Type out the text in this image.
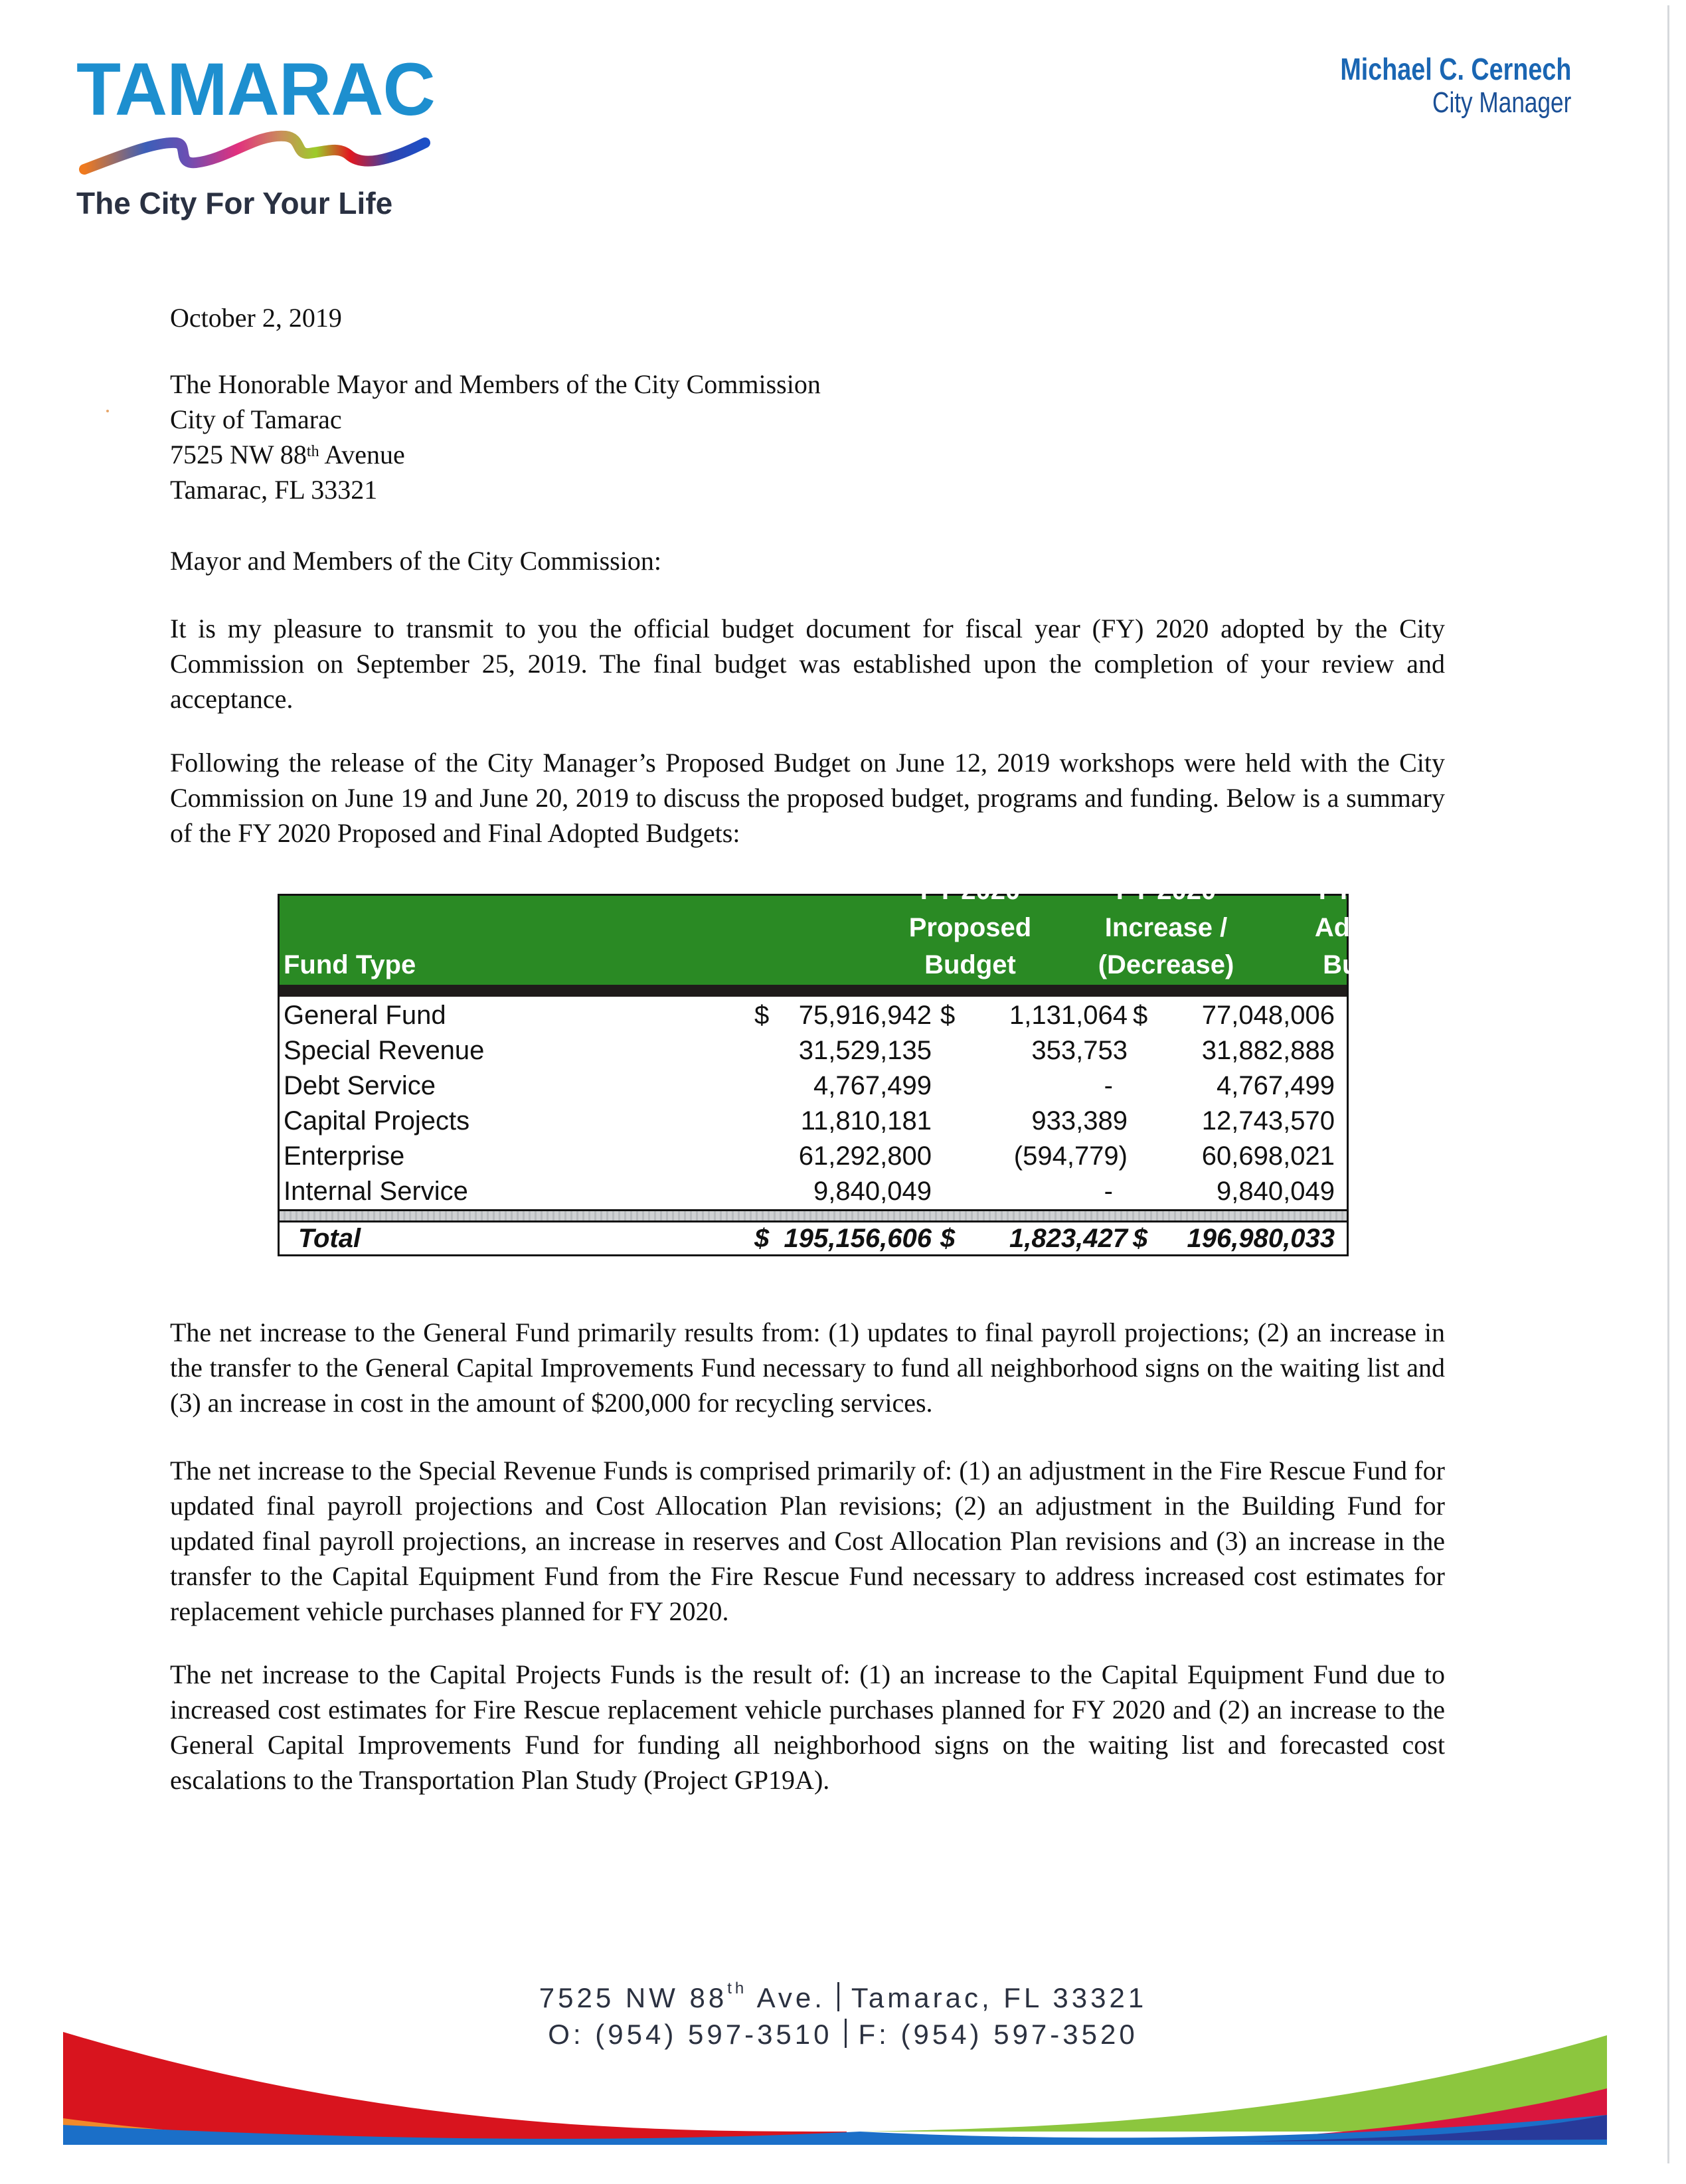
TAMARAC
The City For Your Life
Michael C. Cernech
City Manager
October 2, 2019

The Honorable Mayor and Members of the City Commission

City of Tamarac

7525 NW 88th Avenue

Tamarac, FL 33321

Mayor and Members of the City Commission:

It is my pleasure to transmit to you the official budget document for fiscal year (FY) 2020 adopted by the City Commission on September 25, 2019. The final budget was established upon the completion of your review and acceptance.

Following the release of the City Manager’s Proposed Budget on June 12, 2019 workshops were held with the City Commission on June 19 and June 20, 2019 to discuss the proposed budget, programs and funding. Below is a summary of the FY 2020 Proposed and Final Adopted Budgets:

Fund Type
FY 2020
Proposed
Budget
FY 2020
Increase /
(Decrease)
FY 2020
Adopted
Budget
General Fund	$ 75,916,942 $ 1,131,064 $ 77,048,006
Special Revenue	31,529,135	353,753	31,882,888
Debt Service	4,767,499	-	4,767,499
Capital Projects	11,810,181	933,389	12,743,570
Enterprise	61,292,800	(594,779)	60,698,021
Internal Service	9,840,049	-	9,840,049
Total	$ 195,156,606 $ 1,823,427 $ 196,980,033

The net increase to the General Fund primarily results from: (1) updates to final payroll projections; (2) an increase in the transfer to the General Capital Improvements Fund necessary to fund all neighborhood signs on the waiting list and (3) an increase in cost in the amount of $200,000 for recycling services.

The net increase to the Special Revenue Funds is comprised primarily of: (1) an adjustment in the Fire Rescue Fund for updated final payroll projections and Cost Allocation Plan revisions; (2) an adjustment in the Building Fund for updated final payroll projections, an increase in reserves and Cost Allocation Plan revisions and (3) an increase in the transfer to the Capital Equipment Fund from the Fire Rescue Fund necessary to address increased cost estimates for replacement vehicle purchases planned for FY 2020.

The net increase to the Capital Projects Funds is the result of: (1) an increase to the Capital Equipment Fund due to increased cost estimates for Fire Rescue replacement vehicle purchases planned for FY 2020 and (2) an increase to the General Capital Improvements Fund for funding all neighborhood signs on the waiting list and forecasted cost escalations to the Transportation Plan Study (Project GP19A).

7525 NW 88th Ave. Tamarac, FL 33321
O: (954) 597-3510 F: (954) 597-3520
